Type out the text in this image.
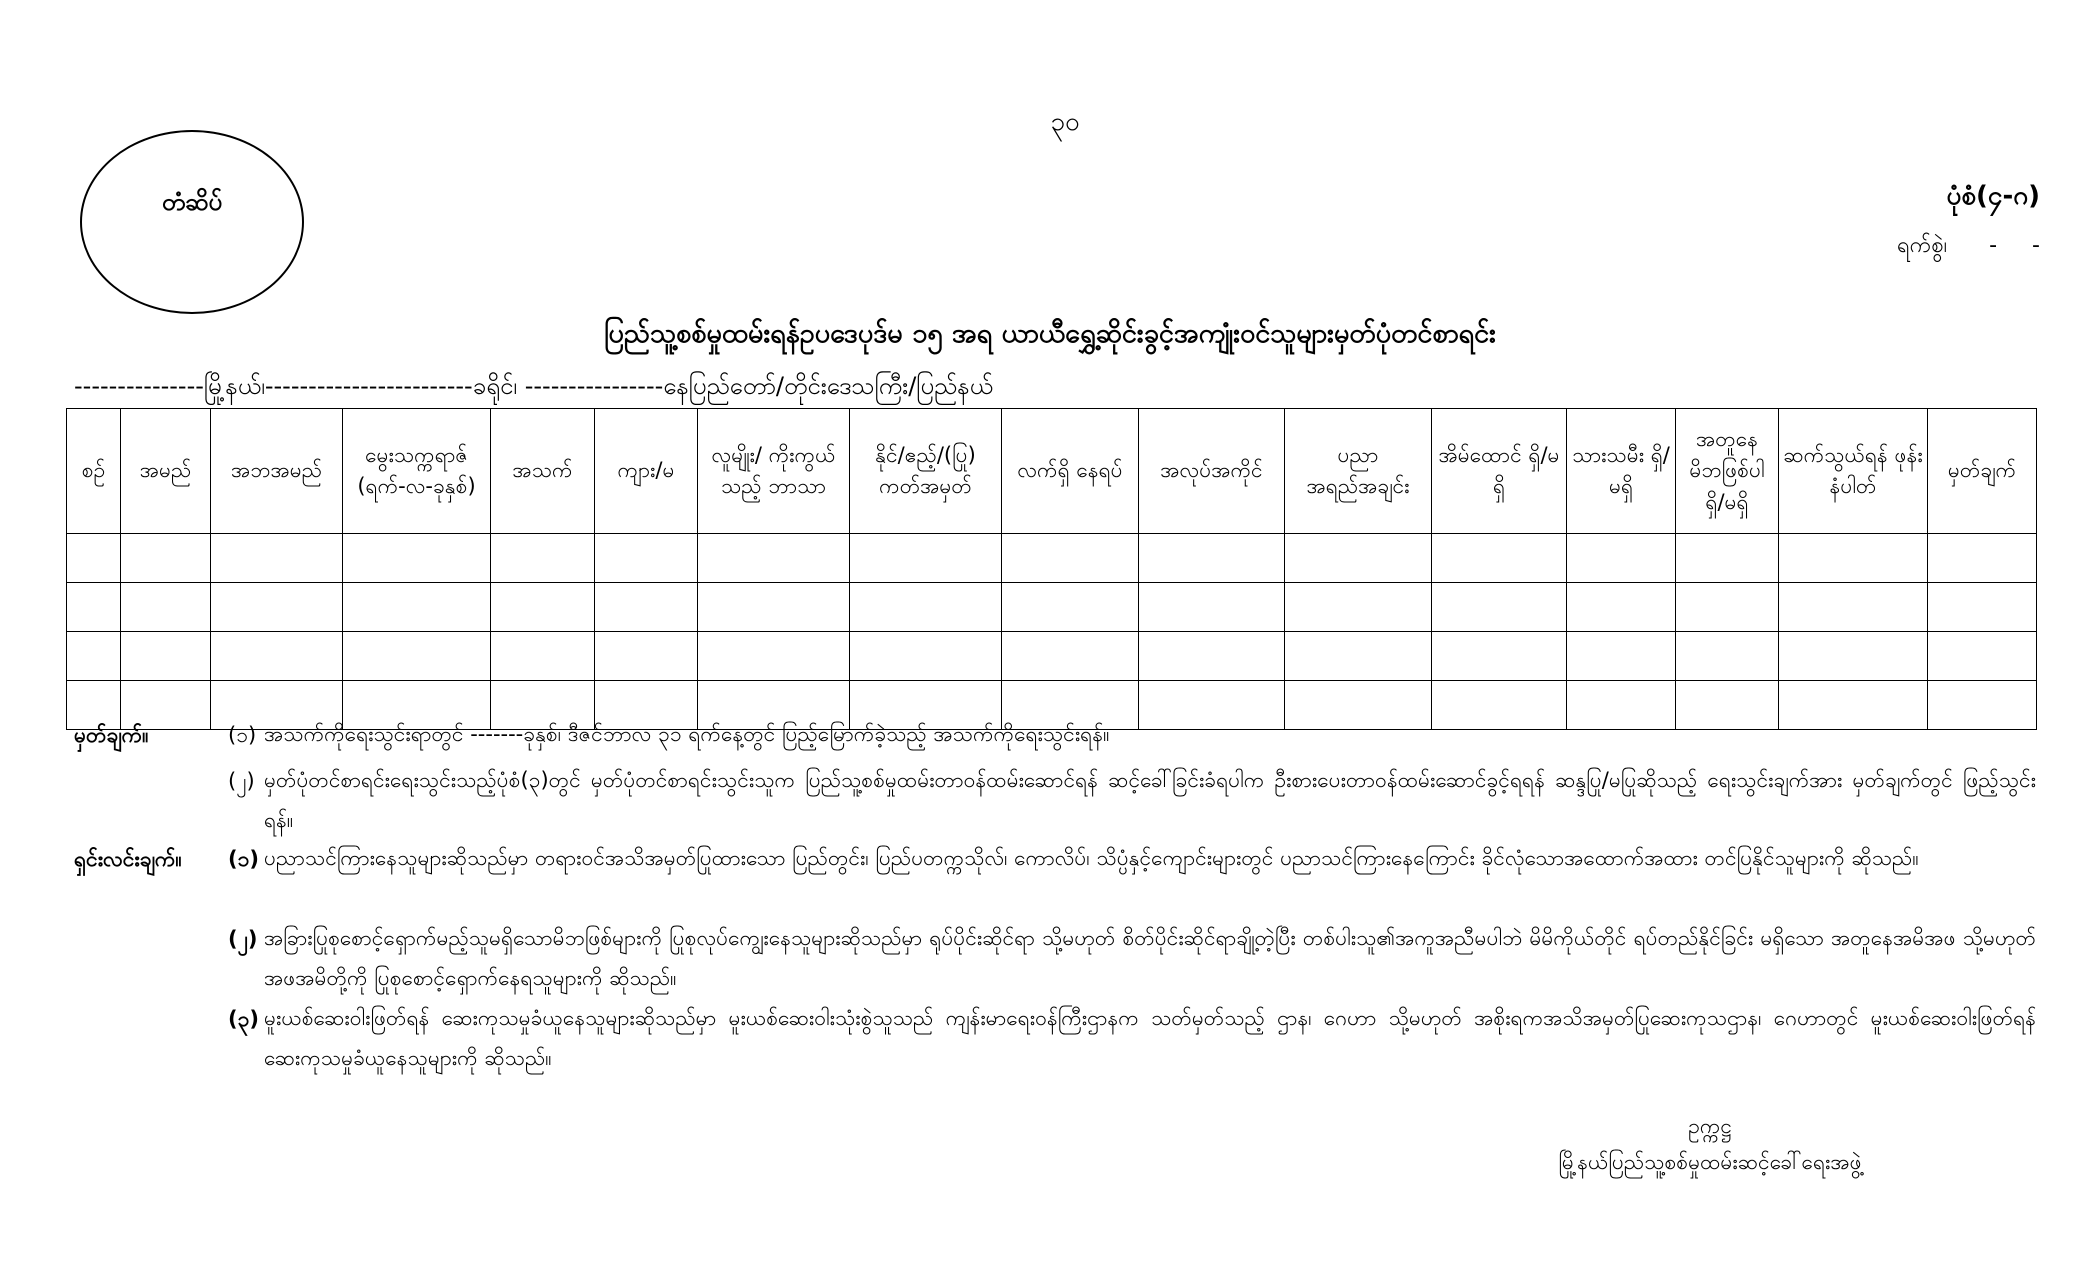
၃၀
တံဆိပ်	ပုံစံ(၄-ဂ)
ရက်စွဲ၊ -     -
ပြည်သူ့စစ်မှုထမ်းရန်ဥပဒေပုဒ်မ ၁၅ အရ ယာယီရွှေ့ဆိုင်းခွင့်အကျုံးဝင်သူများမှတ်ပုံတင်စာရင်း
---------------မြို့နယ်၊------------------------ခရိုင်၊ ----------------နေပြည်တော်/တိုင်းဒေသကြီး/ပြည်နယ်
စဉ်	အမည်	အဘအမည်	မွေးသက္ကရာဇ် (ရက်-လ-ခုနှစ်)	အသက်	ကျား/မ	လူမျိုး/ ကိုးကွယ်သည့် ဘာသာ	နိုင်/ဧည့်/(ပြု) ကတ်အမှတ်	လက်ရှိ နေရပ်	အလုပ်အကိုင်	ပညာ အရည်အချင်း	အိမ်ထောင် ရှိ/မရှိ	သားသမီး ရှိ/မရှိ	အတူနေ မိဘဖြစ်ပါ ရှိ/မရှိ	ဆက်သွယ်ရန် ဖုန်းနံပါတ်	မှတ်ချက်

မှတ်ချက်။	(၁) အသက်ကိုရေးသွင်းရာတွင် -------ခုနှစ်၊ ဒီဇင်ဘာလ ၃၁ ရက်နေ့တွင် ပြည့်မြောက်ခဲ့သည့် အသက်ကိုရေးသွင်းရန်။
(၂) မှတ်ပုံတင်စာရင်းရေးသွင်းသည့်ပုံစံ(၃)တွင် မှတ်ပုံတင်စာရင်းသွင်းသူက ပြည်သူ့စစ်မှုထမ်းတာဝန်ထမ်းဆောင်ရန် ဆင့်ခေါ်ခြင်းခံရပါက ဦးစားပေးတာဝန်ထမ်းဆောင်ခွင့်ရရန် ဆန္ဒပြု/မပြုဆိုသည့် ရေးသွင်းချက်အား မှတ်ချက်တွင် ဖြည့်သွင်းရန်။
ရှင်းလင်းချက်။ (၁) ပညာသင်ကြားနေသူများဆိုသည်မှာ တရားဝင်အသိအမှတ်ပြုထားသော ပြည်တွင်း၊ ပြည်ပတက္ကသိုလ်၊ ကောလိပ်၊ သိပ္ပံနှင့်ကျောင်းများတွင် ပညာသင်ကြားနေကြောင်း ခိုင်လုံသောအထောက်အထား တင်ပြနိုင်သူများကို ဆိုသည်။
(၂) အခြားပြုစုစောင့်ရှောက်မည့်သူမရှိသောမိဘဖြစ်များကို ပြုစုလုပ်ကျွေးနေသူများဆိုသည်မှာ ရုပ်ပိုင်းဆိုင်ရာ သို့မဟုတ် စိတ်ပိုင်းဆိုင်ရာချို့တဲ့ပြီး တစ်ပါးသူ၏အကူအညီမပါဘဲ မိမိကိုယ်တိုင် ရပ်တည်နိုင်ခြင်း မရှိသော အတူနေအမိအဖ သို့မဟုတ် အဖအမိတို့ကို ပြုစုစောင့်ရှောက်နေရသူများကို ဆိုသည်။
(၃) မူးယစ်ဆေးဝါးဖြတ်ရန် ဆေးကုသမှုခံယူနေသူများဆိုသည်မှာ မူးယစ်ဆေးဝါးသုံးစွဲသူသည် ကျန်းမာရေးဝန်ကြီးဌာနက သတ်မှတ်သည့် ဌာန၊ ဂေဟာ သို့မဟုတ် အစိုးရကအသိအမှတ်ပြုဆေးကုသဌာန၊ ဂေဟာတွင် မူးယစ်ဆေးဝါးဖြတ်ရန် ဆေးကုသမှုခံယူနေသူများကို ဆိုသည်။
ဥက္ကဋ္ဌ
မြို့နယ်ပြည်သူ့စစ်မှုထမ်းဆင့်ခေါ်ရေးအဖွဲ့
